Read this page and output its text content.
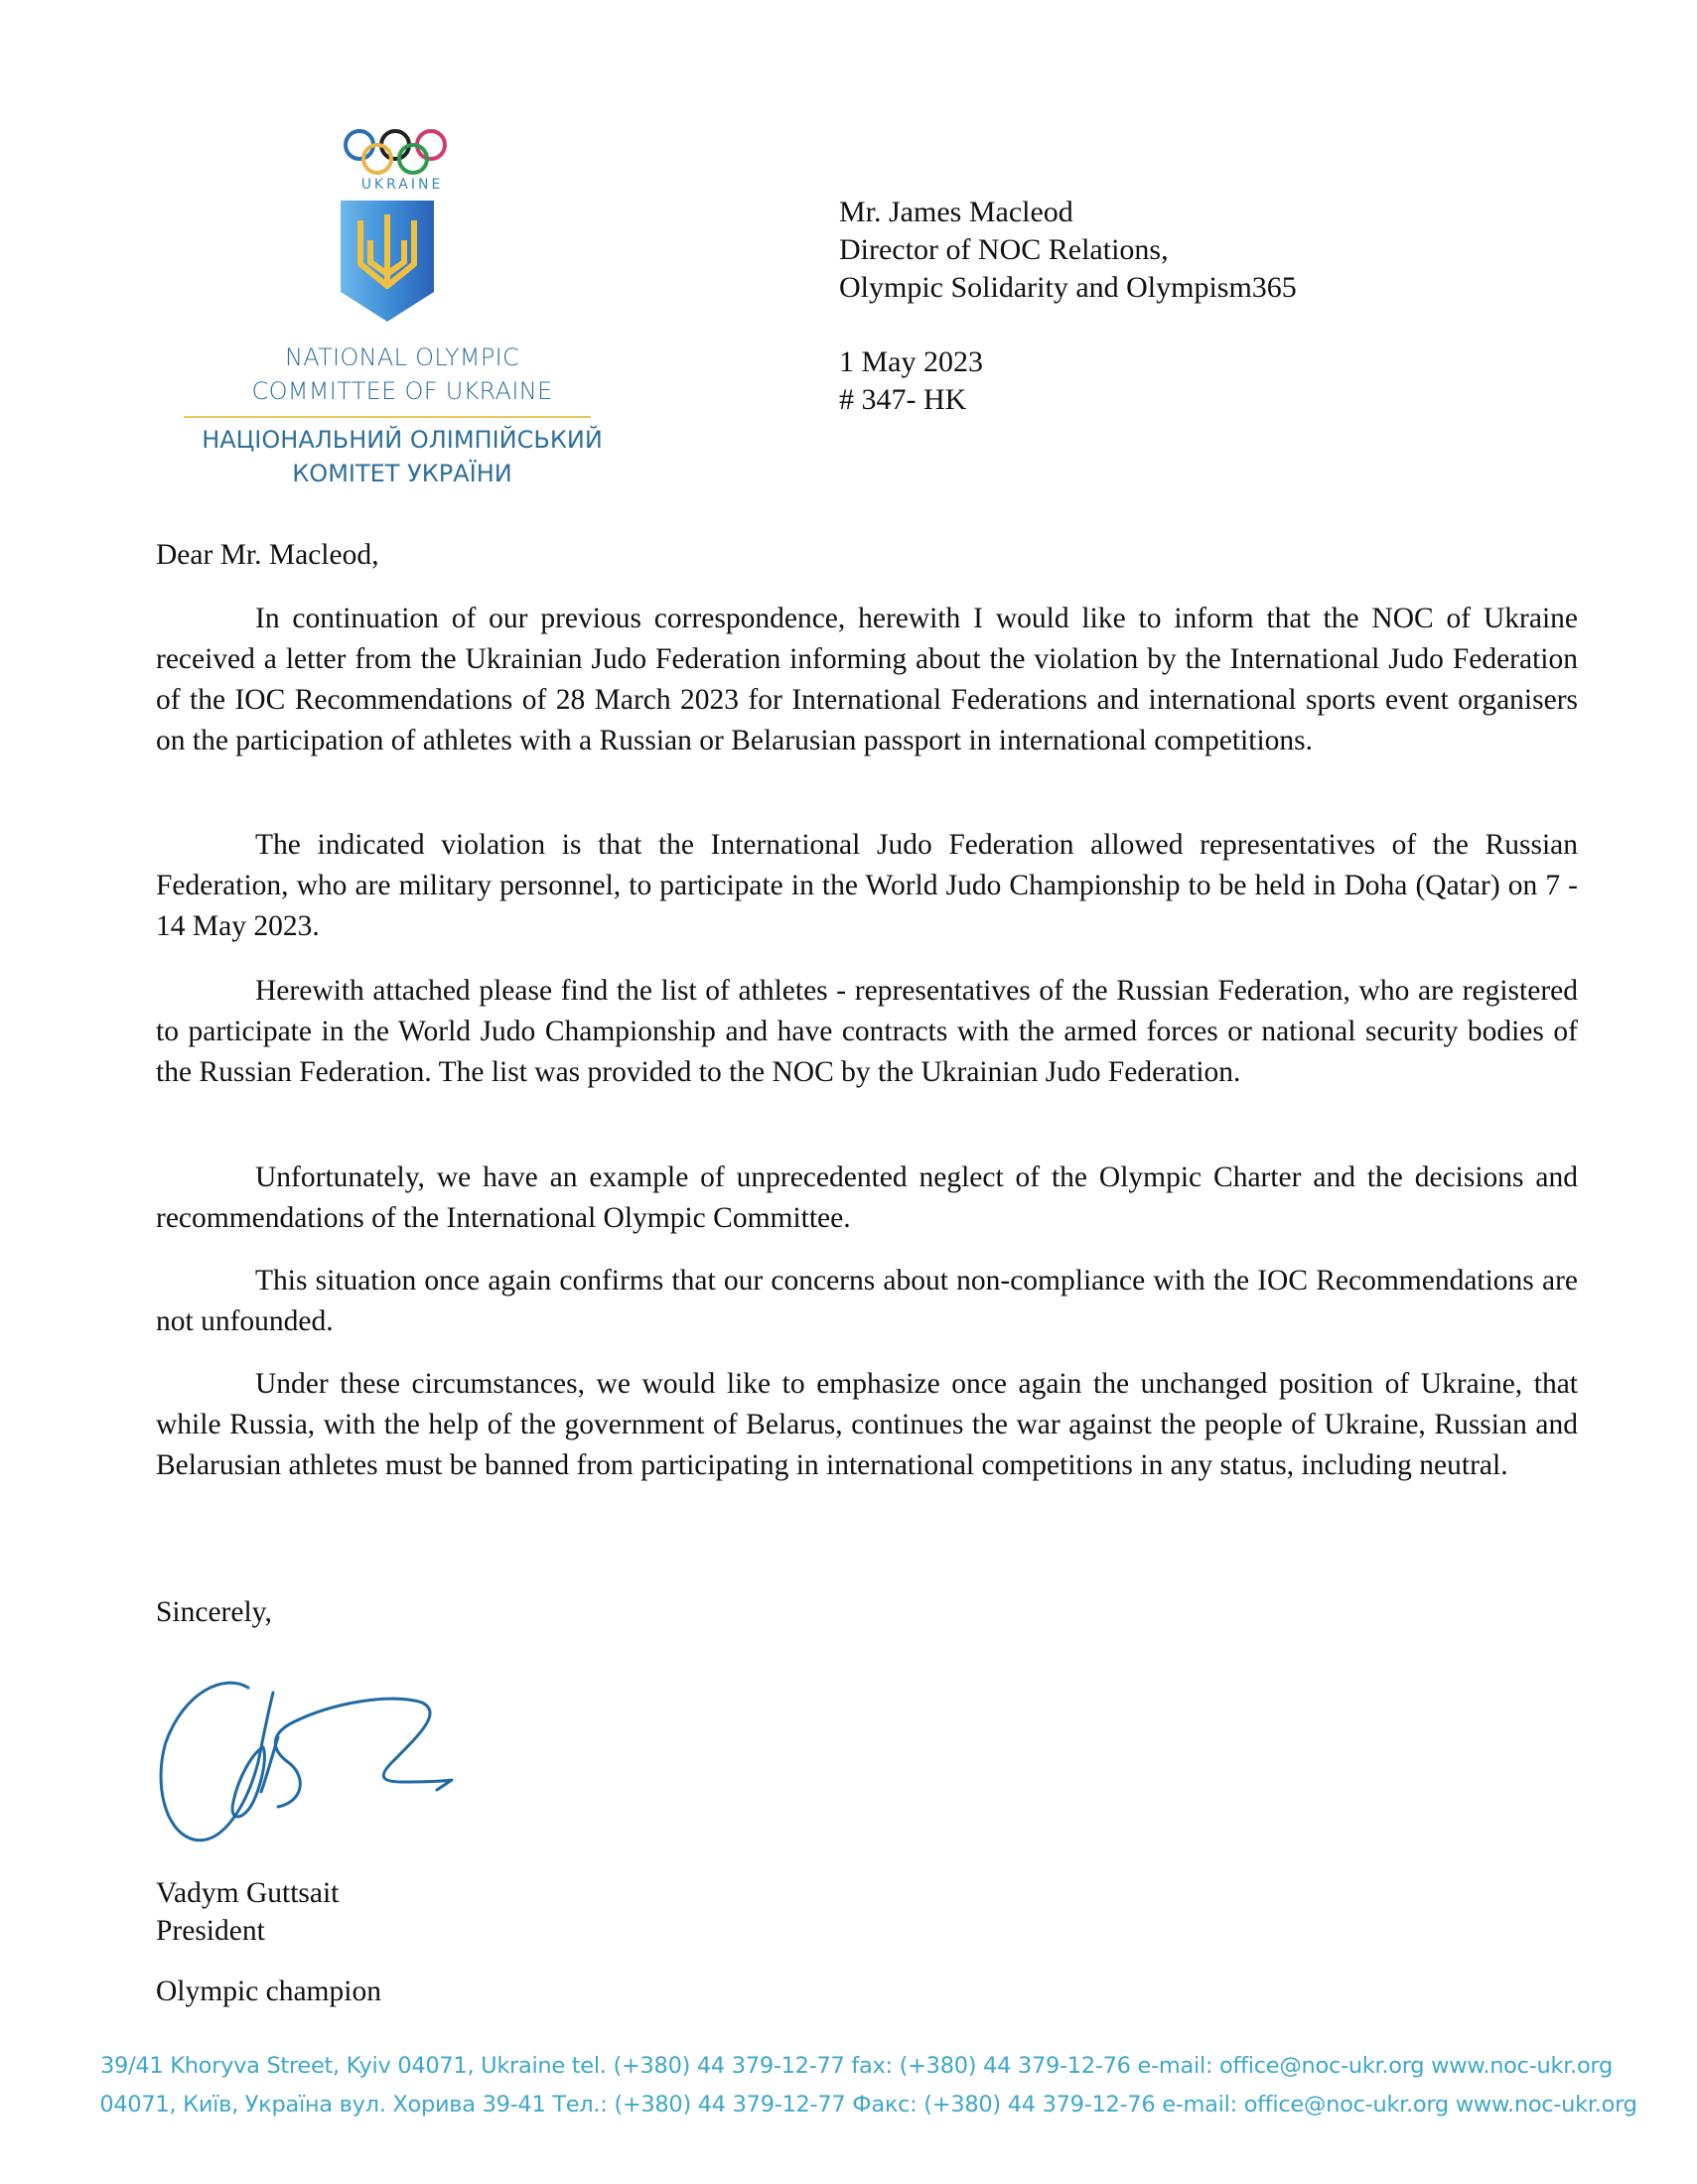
UKRAINE
NATIONAL OLYMPIC
COMMITTEE OF UKRAINE
НАЦІОНАЛЬНИЙ ОЛІМПІЙСЬКИЙ
КОМІТЕТ УКРАЇНИ
Mr. James Macleod
Director of NOC Relations,
Olympic Solidarity and Olympism365
1 May 2023
# 347- HK
Dear Mr. Macleod,

In continuation of our previous correspondence, herewith I would like to inform that the NOC of Ukraine received a letter from the Ukrainian Judo Federation informing about the violation by the International Judo Federation of the IOC Recommendations of 28 March 2023 for International Federations and international sports event organisers on the participation of athletes with a Russian or Belarusian passport in international competitions.

The indicated violation is that the International Judo Federation allowed representatives of the Russian Federation, who are military personnel, to participate in the World Judo Championship to be held in Doha (Qatar) on 7 - 14 May 2023.

Herewith attached please find the list of athletes - representatives of the Russian Federation, who are registered to participate in the World Judo Championship and have contracts with the armed forces or national security bodies of the Russian Federation. The list was provided to the NOC by the Ukrainian Judo Federation.

Unfortunately, we have an example of unprecedented neglect of the Olympic Charter and the decisions and recommendations of the International Olympic Committee.

This situation once again confirms that our concerns about non-compliance with the IOC Recommendations are not unfounded.

Under these circumstances, we would like to emphasize once again the unchanged position of Ukraine, that while Russia, with the help of the government of Belarus, continues the war against the people of Ukraine, Russian and Belarusian athletes must be banned from participating in international competitions in any status, including neutral.

Sincerely,
Vadym Guttsait
President
Olympic champion
39/41 Khoryva Street, Kyiv 04071, Ukraine tel. (+380) 44 379-12-77 fax: (+380) 44 379-12-76 e-mail: office@noc-ukr.org www.noc-ukr.org
04071, Київ, Україна вул. Хорива 39-41 Тел.: (+380) 44 379-12-77 Факс: (+380) 44 379-12-76 e-mail: office@noc-ukr.org www.noc-ukr.org
